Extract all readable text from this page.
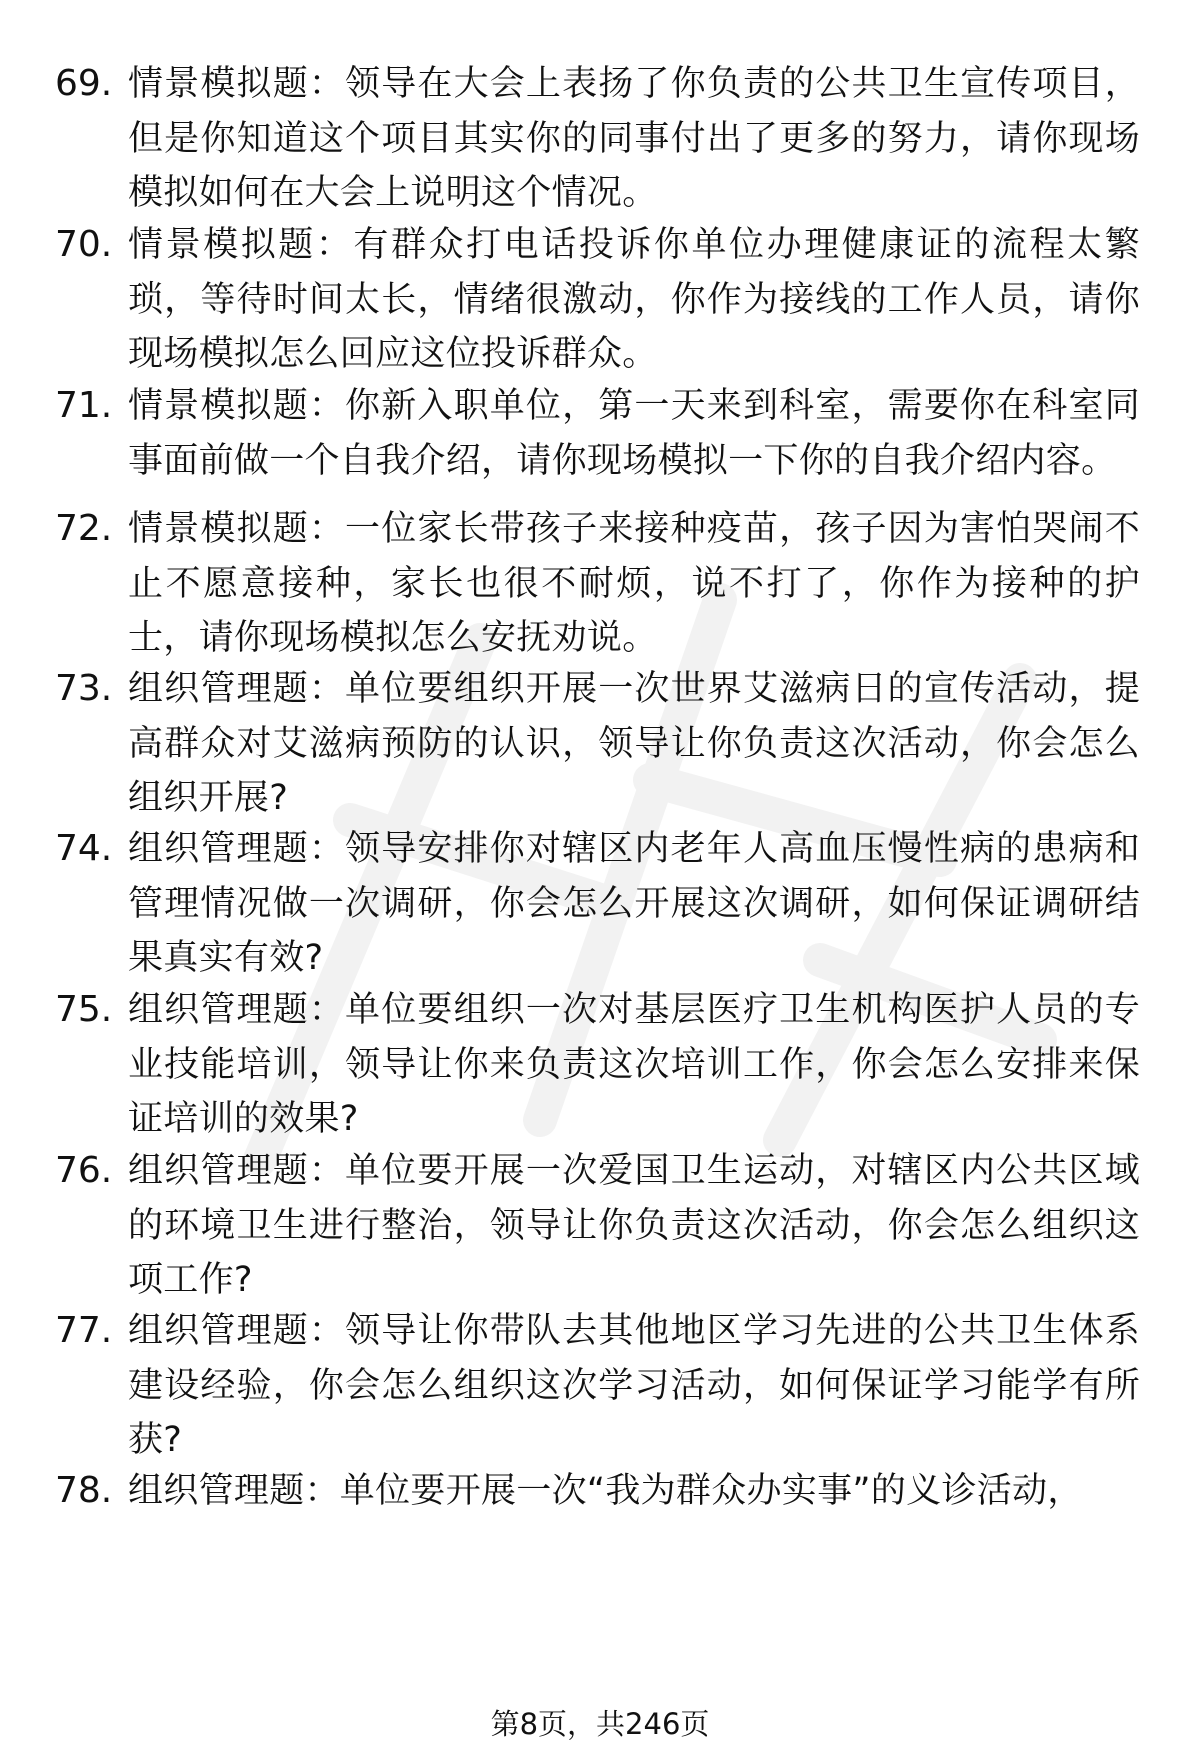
69. 情景模拟题：领导在大会上表扬了你负责的公共卫生宣传项目，但是你知道这个项目其实你的同事付出了更多的努力，请你现场模拟如何在大会上说明这个情况。
70. 情景模拟题：有群众打电话投诉你单位办理健康证的流程太繁琐，等待时间太长，情绪很激动，你作为接线的工作人员，请你现场模拟怎么回应这位投诉群众。
71. 情景模拟题：你新入职单位，第一天来到科室，需要你在科室同事面前做一个自我介绍，请你现场模拟一下你的自我介绍内容。
72. 情景模拟题：一位家长带孩子来接种疫苗，孩子因为害怕哭闹不止不愿意接种，家长也很不耐烦，说不打了，你作为接种的护士，请你现场模拟怎么安抚劝说。
73. 组织管理题：单位要组织开展一次世界艾滋病日的宣传活动，提高群众对艾滋病预防的认识，领导让你负责这次活动，你会怎么组织开展?
74. 组织管理题：领导安排你对辖区内老年人高血压慢性病的患病和管理情况做一次调研，你会怎么开展这次调研，如何保证调研结果真实有效?
75. 组织管理题：单位要组织一次对基层医疗卫生机构医护人员的专业技能培训，领导让你来负责这次培训工作，你会怎么安排来保证培训的效果?
76. 组织管理题：单位要开展一次爱国卫生运动，对辖区内公共区域的环境卫生进行整治，领导让你负责这次活动，你会怎么组织这项工作?
77. 组织管理题：领导让你带队去其他地区学习先进的公共卫生体系建设经验，你会怎么组织这次学习活动，如何保证学习能学有所获?
78. 组织管理题：单位要开展一次“我为群众办实事”的义诊活动，
第8页，共246页
